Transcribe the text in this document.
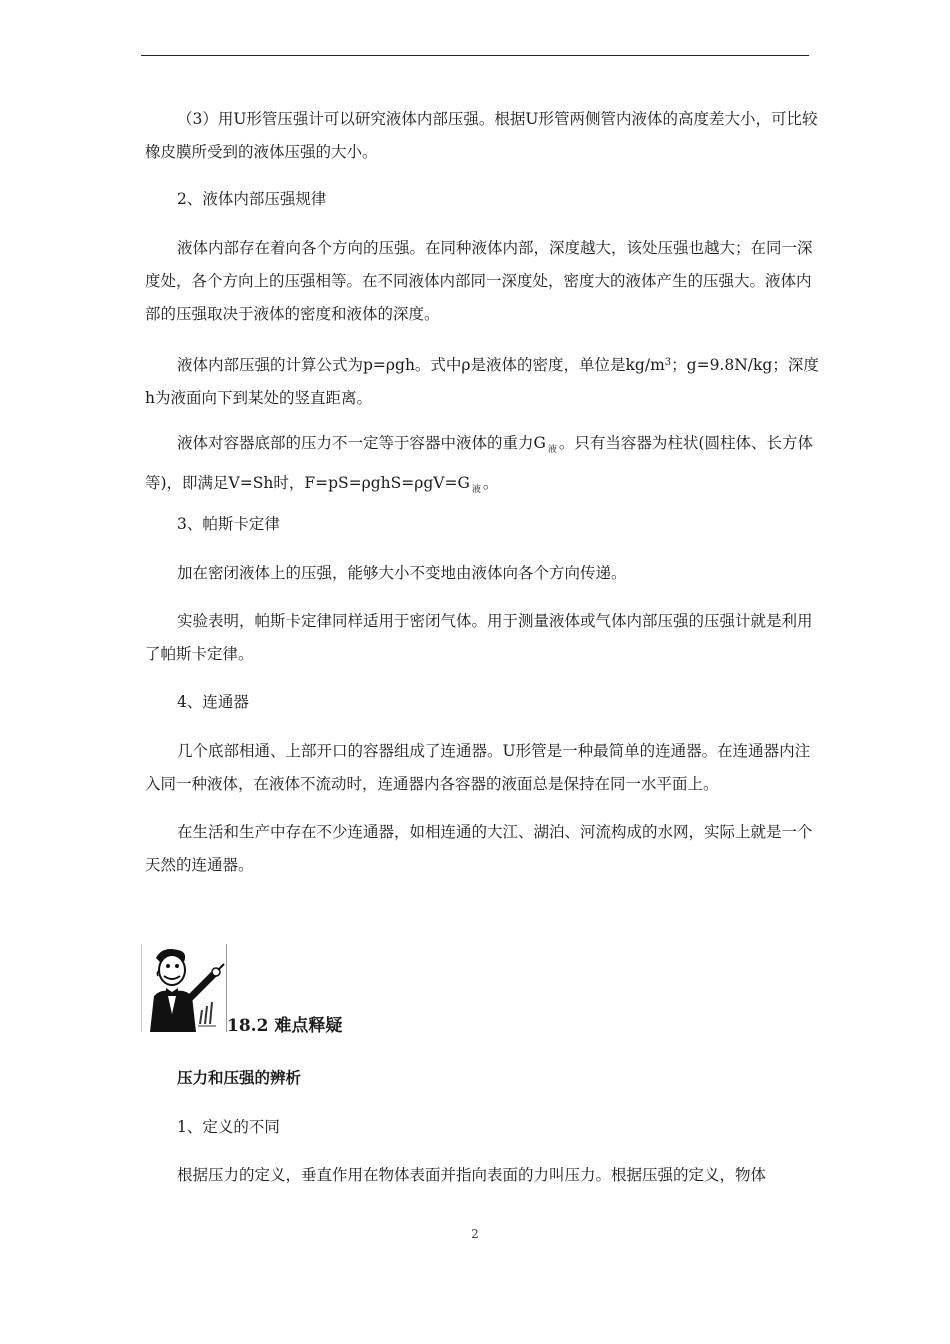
（3）用U形管压强计可以研究液体内部压强。根据U形管两侧管内液体的高度差大小，可比较橡皮膜所受到的液体压强的大小。

2、液体内部压强规律

液体内部存在着向各个方向的压强。在同种液体内部，深度越大，该处压强也越大；在同一深度处，各个方向上的压强相等。在不同液体内部同一深度处，密度大的液体产生的压强大。液体内部的压强取决于液体的密度和液体的深度。

液体内部压强的计算公式为p=ρgh。式中ρ是液体的密度，单位是$kg/m^3$；g=9.8N/kg；深度h为液面向下到某处的竖直距离。

液体对容器底部的压力不一定等于容器中液体的重力G $_液$ 。只有当容器为柱状(圆柱体、长方体等)，即满足V=Sh时，F=pS=ρghS=ρgV=G $_液$ 。

3、帕斯卡定律

加在密闭液体上的压强，能够大小不变地由液体向各个方向传递。

实验表明，帕斯卡定律同样适用于密闭气体。用于测量液体或气体内部压强的压强计就是利用了帕斯卡定律。

4、连通器

几个底部相通、上部开口的容器组成了连通器。U形管是一种最简单的连通器。在连通器内注入同一种液体，在液体不流动时，连通器内各容器的液面总是保持在同一水平面上。

在生活和生产中存在不少连通器，如相连通的大江、湖泊、河流构成的水网，实际上就是一个天然的连通器。

18.2 难点释疑

压力和压强的辨析

1、定义的不同

根据压力的定义，垂直作用在物体表面并指向表面的力叫压力。根据压强的定义，物体

2
